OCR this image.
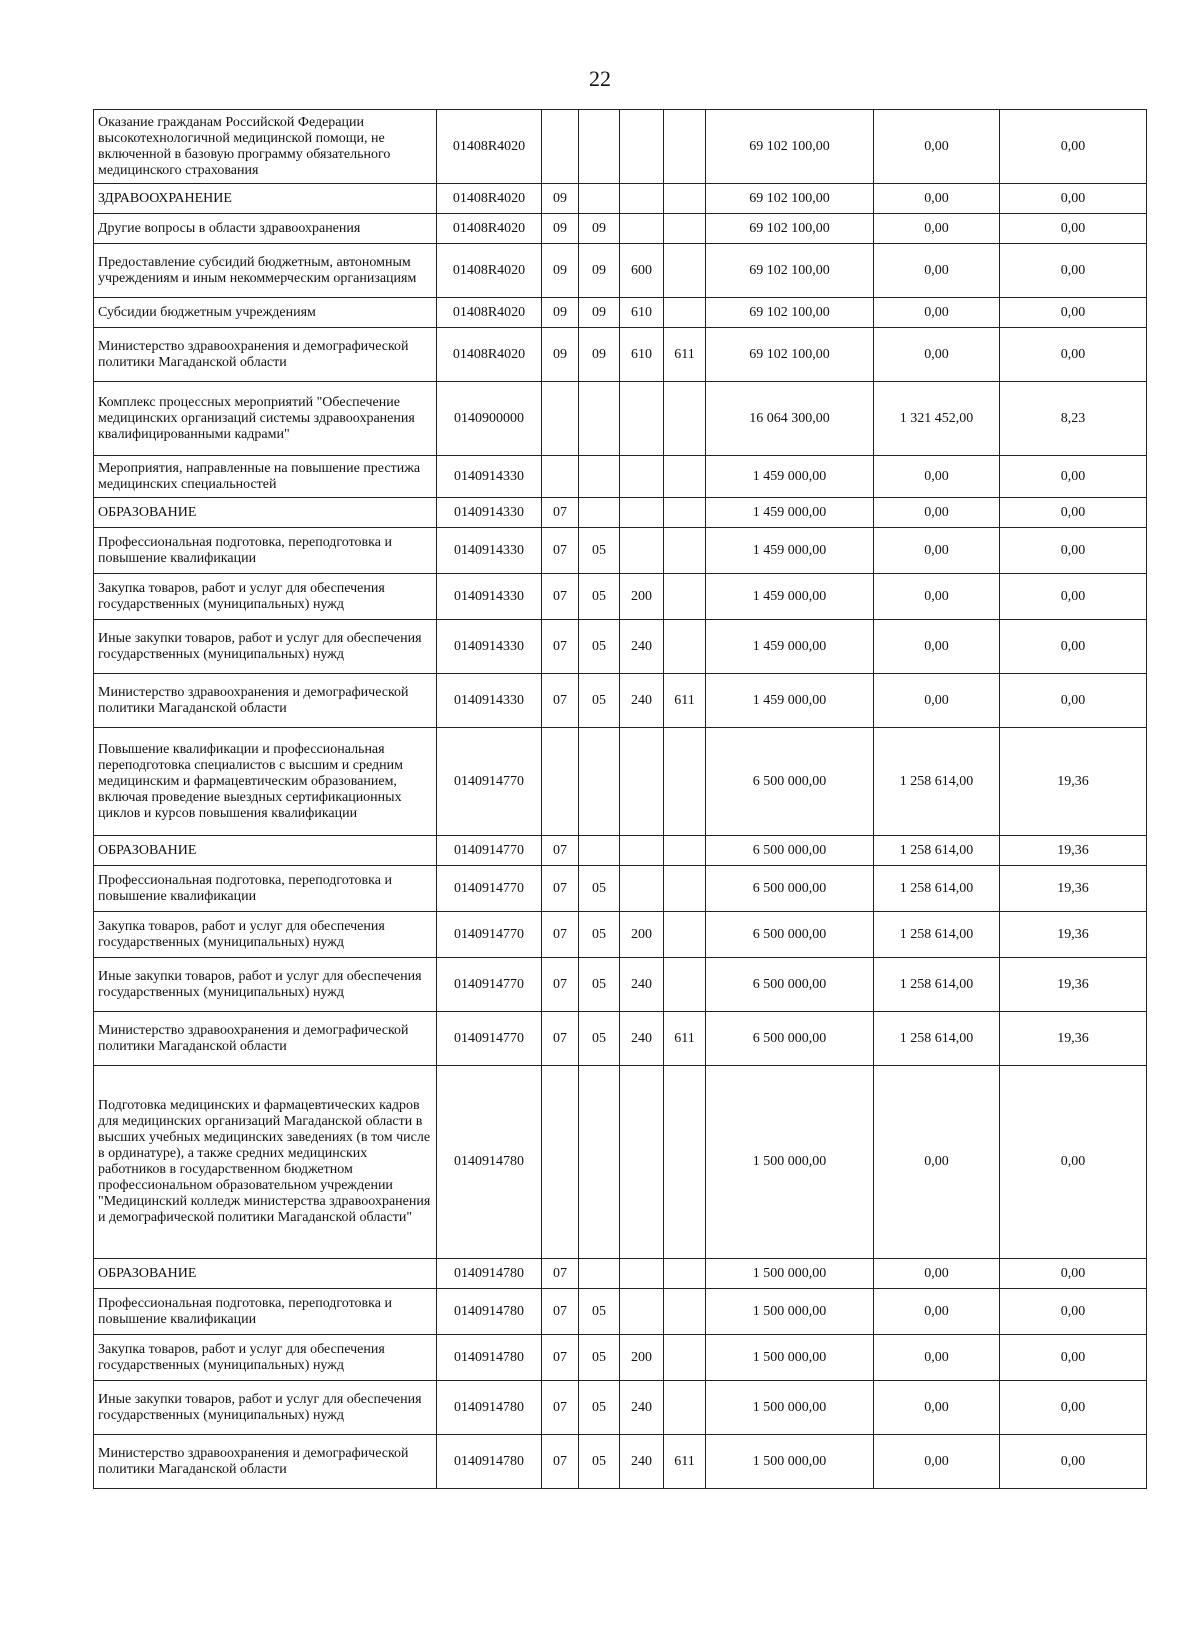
22
Оказание гражданам Российской Федерации высокотехнологичной медицинской помощи, не включенной в базовую программу обязательного медицинского страхования	01408R4020					69 102 100,00	0,00	0,00
ЗДРАВООХРАНЕНИЕ	01408R4020	09				69 102 100,00	0,00	0,00
Другие вопросы в области здравоохранения	01408R4020	09	09			69 102 100,00	0,00	0,00
Предоставление субсидий бюджетным, автономным учреждениям и иным некоммерческим организациям	01408R4020	09	09	600		69 102 100,00	0,00	0,00
Субсидии бюджетным учреждениям	01408R4020	09	09	610		69 102 100,00	0,00	0,00
Министерство здравоохранения и демографической политики Магаданской области	01408R4020	09	09	610	611	69 102 100,00	0,00	0,00
Комплекс процессных мероприятий "Обеспечение медицинских организаций системы здравоохранения квалифицированными кадрами"	0140900000					16 064 300,00	1 321 452,00	8,23
Мероприятия, направленные на повышение престижа медицинских специальностей	0140914330					1 459 000,00	0,00	0,00
ОБРАЗОВАНИЕ	0140914330	07				1 459 000,00	0,00	0,00
Профессиональная подготовка, переподготовка и повышение квалификации	0140914330	07	05			1 459 000,00	0,00	0,00
Закупка товаров, работ и услуг для обеспечения государственных (муниципальных) нужд	0140914330	07	05	200		1 459 000,00	0,00	0,00
Иные закупки товаров, работ и услуг для обеспечения государственных (муниципальных) нужд	0140914330	07	05	240		1 459 000,00	0,00	0,00
Министерство здравоохранения и демографической политики Магаданской области	0140914330	07	05	240	611	1 459 000,00	0,00	0,00
Повышение квалификации и профессиональная переподготовка специалистов с высшим и средним медицинским и фармацевтическим образованием, включая проведение выездных сертификационных циклов и курсов повышения квалификации	0140914770					6 500 000,00	1 258 614,00	19,36
ОБРАЗОВАНИЕ	0140914770	07				6 500 000,00	1 258 614,00	19,36
Профессиональная подготовка, переподготовка и повышение квалификации	0140914770	07	05			6 500 000,00	1 258 614,00	19,36
Закупка товаров, работ и услуг для обеспечения государственных (муниципальных) нужд	0140914770	07	05	200		6 500 000,00	1 258 614,00	19,36
Иные закупки товаров, работ и услуг для обеспечения государственных (муниципальных) нужд	0140914770	07	05	240		6 500 000,00	1 258 614,00	19,36
Министерство здравоохранения и демографической политики Магаданской области	0140914770	07	05	240	611	6 500 000,00	1 258 614,00	19,36
Подготовка медицинских и фармацевтических кадров для медицинских организаций Магаданской области в высших учебных медицинских заведениях (в том числе в ординатуре), а также средних медицинских работников в государственном бюджетном профессиональном образовательном учреждении "Медицинский колледж министерства здравоохранения и демографической политики Магаданской области"	0140914780					1 500 000,00	0,00	0,00
ОБРАЗОВАНИЕ	0140914780	07				1 500 000,00	0,00	0,00
Профессиональная подготовка, переподготовка и повышение квалификации	0140914780	07	05			1 500 000,00	0,00	0,00
Закупка товаров, работ и услуг для обеспечения государственных (муниципальных) нужд	0140914780	07	05	200		1 500 000,00	0,00	0,00
Иные закупки товаров, работ и услуг для обеспечения государственных (муниципальных) нужд	0140914780	07	05	240		1 500 000,00	0,00	0,00
Министерство здравоохранения и демографической политики Магаданской области	0140914780	07	05	240	611	1 500 000,00	0,00	0,00
